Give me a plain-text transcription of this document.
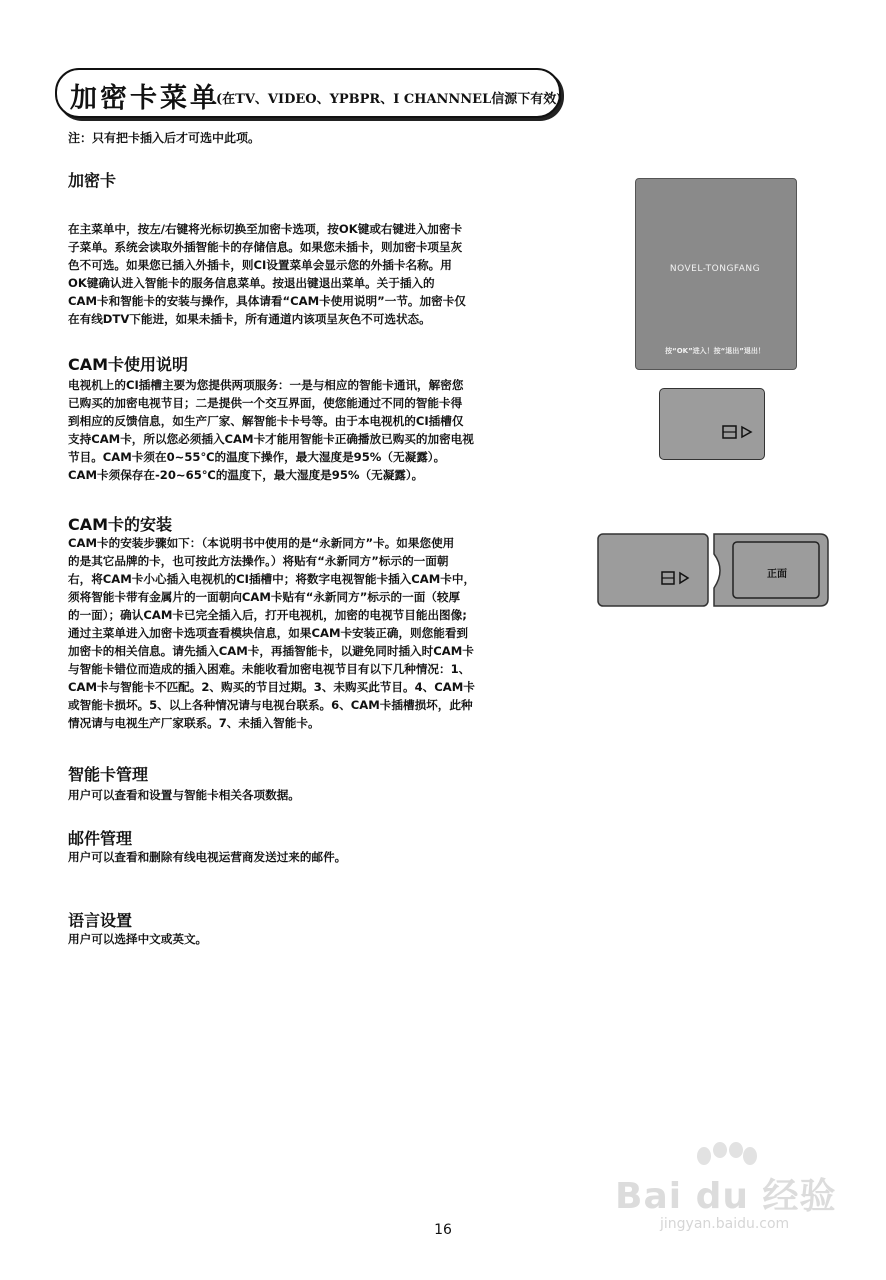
加密卡菜单
(在TV、VIDEO、YPBPR、I CHANNNEL信源下有效)
注：只有把卡插入后才可选中此项。
加密卡
在主菜单中，按左/右键将光标切换至加密卡选项，按OK键或右键进入加密卡
子菜单。系统会读取外插智能卡的存储信息。如果您未插卡，则加密卡项呈灰
色不可选。如果您已插入外插卡，则CI设置菜单会显示您的外插卡名称。用
OK键确认进入智能卡的服务信息菜单。按退出键退出菜单。关于插入的
CAM卡和智能卡的安装与操作，具体请看“CAM卡使用说明”一节。加密卡仅
在有线DTV下能进，如果未插卡，所有通道内该项呈灰色不可选状态。
CAM卡使用说明
电视机上的CI插槽主要为您提供两项服务：一是与相应的智能卡通讯，解密您
已购买的加密电视节目；二是提供一个交互界面，使您能通过不同的智能卡得
到相应的反馈信息，如生产厂家、解智能卡卡号等。由于本电视机的CI插槽仅
支持CAM卡，所以您必须插入CAM卡才能用智能卡正确播放已购买的加密电视
节目。CAM卡须在0~55℃的温度下操作，最大湿度是95%（无凝露）。
CAM卡须保存在-20~65℃的温度下，最大湿度是95%（无凝露）。
CAM卡的安装
CAM卡的安装步骤如下：（本说明书中使用的是“永新同方”卡。如果您使用
的是其它品牌的卡，也可按此方法操作。）将贴有“永新同方”标示的一面朝
右，将CAM卡小心插入电视机的CI插槽中；将数字电视智能卡插入CAM卡中，
须将智能卡带有金属片的一面朝向CAM卡贴有“永新同方”标示的一面（较厚
的一面）；确认CAM卡已完全插入后，打开电视机，加密的电视节目能出图像;
通过主菜单进入加密卡选项查看模块信息，如果CAM卡安装正确，则您能看到
加密卡的相关信息。请先插入CAM卡，再插智能卡，以避免同时插入时CAM卡
与智能卡错位而造成的插入困难。未能收看加密电视节目有以下几种情况：1、
CAM卡与智能卡不匹配。2、购买的节目过期。3、未购买此节目。4、CAM卡
或智能卡损坏。5、以上各种情况请与电视台联系。6、CAM卡插槽损坏，此种
情况请与电视生产厂家联系。7、未插入智能卡。
智能卡管理
用户可以查看和设置与智能卡相关各项数据。
邮件管理
用户可以查看和删除有线电视运营商发送过来的邮件。
语言设置
用户可以选择中文或英文。
NOVEL-TONGFANG
按“OK”进入！按“退出”退出！
正面
16
Bai du 经验
jingyan.baidu.com
